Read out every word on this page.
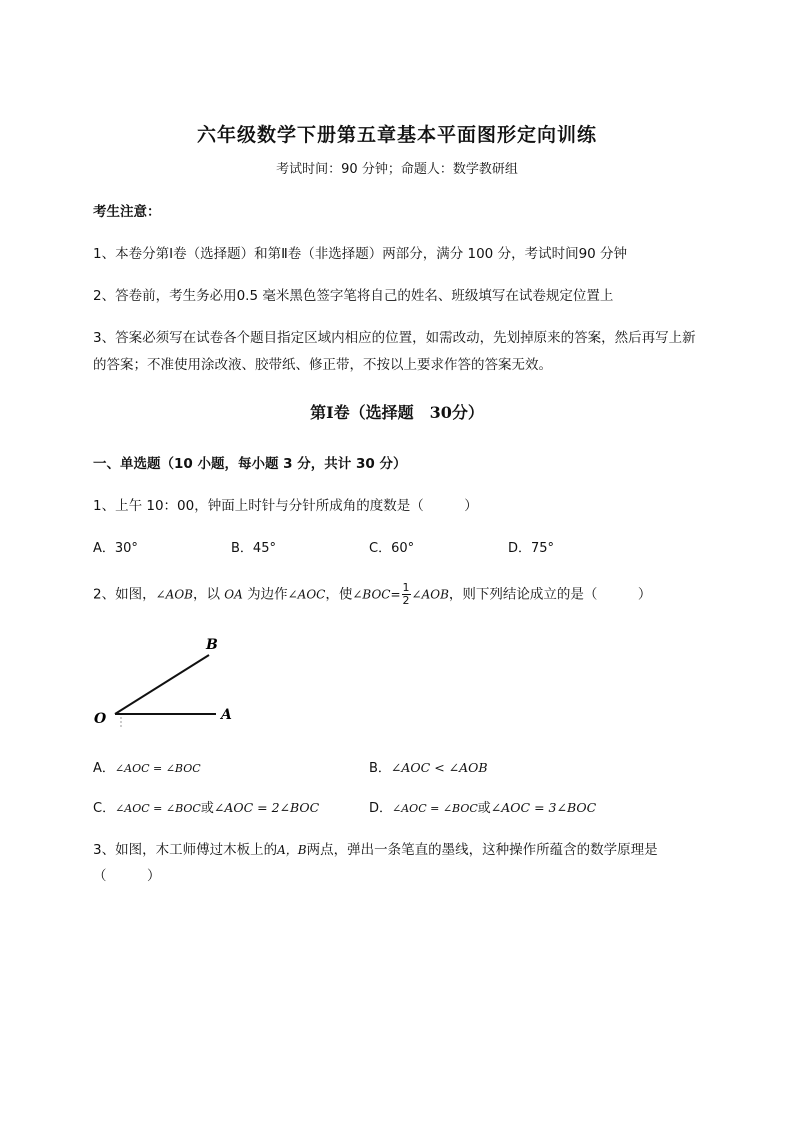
六年级数学下册第五章基本平面图形定向训练
考试时间：90 分钟；命题人：数学教研组
考生注意：
1、本卷分第Ⅰ卷（选择题）和第Ⅱ卷（非选择题）两部分，满分 100 分，考试时间90 分钟
2、答卷前，考生务必用0.5 毫米黑色签字笔将自己的姓名、班级填写在试卷规定位置上
3、答案必须写在试卷各个题目指定区域内相应的位置，如需改动，先划掉原来的答案，然后再写上新
的答案；不准使用涂改液、胶带纸、修正带，不按以上要求作答的答案无效。
第Ⅰ卷（选择题　30分）
一、单选题（10 小题，每小题 3 分，共计 30 分）
1、上午 10：00，钟面上时针与分针所成角的度数是（　　　）
A．30°	B．45°	C．60°	D．75°
2、如图，∠AOB，以 OA 为边作∠AOC，使∠BOC= $\frac{1}{2}$ ∠AOB，则下列结论成立的是（　　　）
O	A
B
A．∠AOC = ∠BOC	B．∠AOC < ∠AOB
C．∠AOC = ∠BOC或∠AOC = 2∠BOC	D．∠AOC = ∠BOC或∠AOC = 3∠BOC
3、如图，木工师傅过木板上的A，B两点，弹出一条笔直的墨线，这种操作所蕴含的数学原理是
（　　　）
